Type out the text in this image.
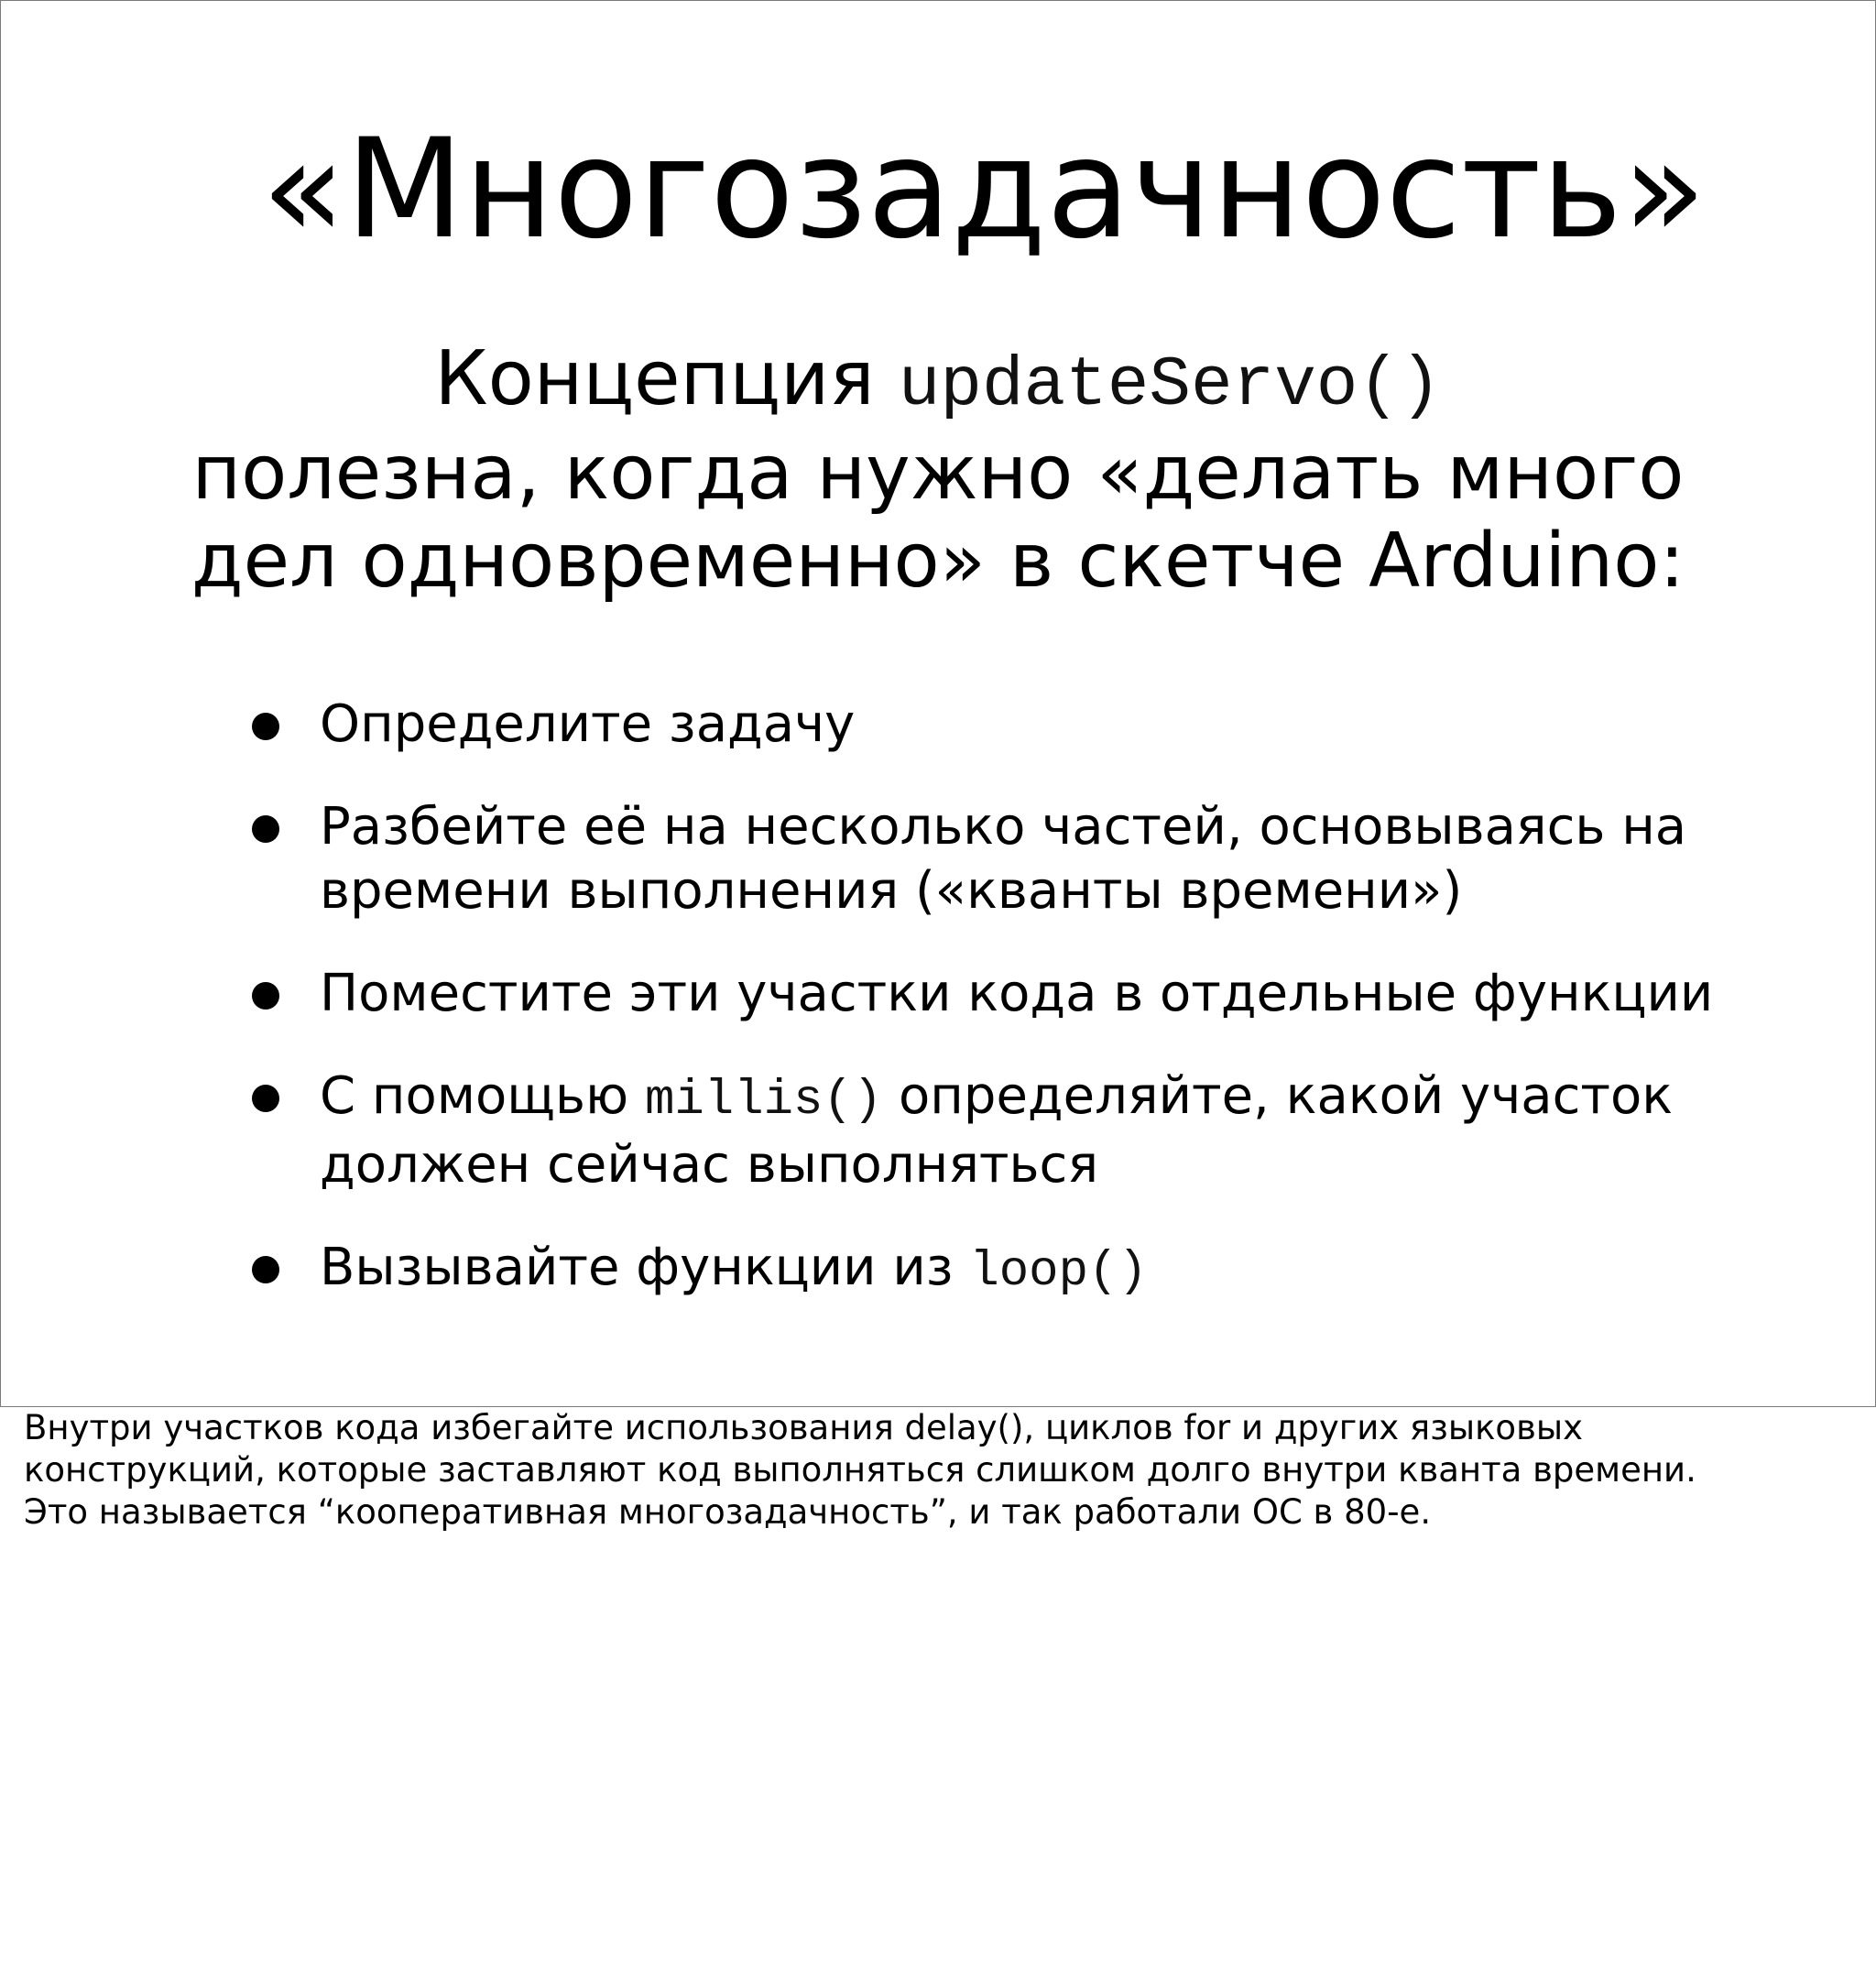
«Многозадачность»
Концепция updateServo()
полезна, когда нужно «делать много
дел одновременно» в скетче Arduino:
Определите задачу
Разбейте её на несколько частей, основываясь на
времени выполнения («кванты времени»)
Поместите эти участки кода в отдельные функции
С помощью millis() определяйте, какой участок
должен сейчас выполняться
Вызывайте функции из loop()
Внутри участков кода избегайте использования delay(), циклов for и других языковых
конструкций, которые заставляют код выполняться слишком долго внутри кванта времени.
Это называется “кооперативная многозадачность”, и так работали ОС в 80-е.
